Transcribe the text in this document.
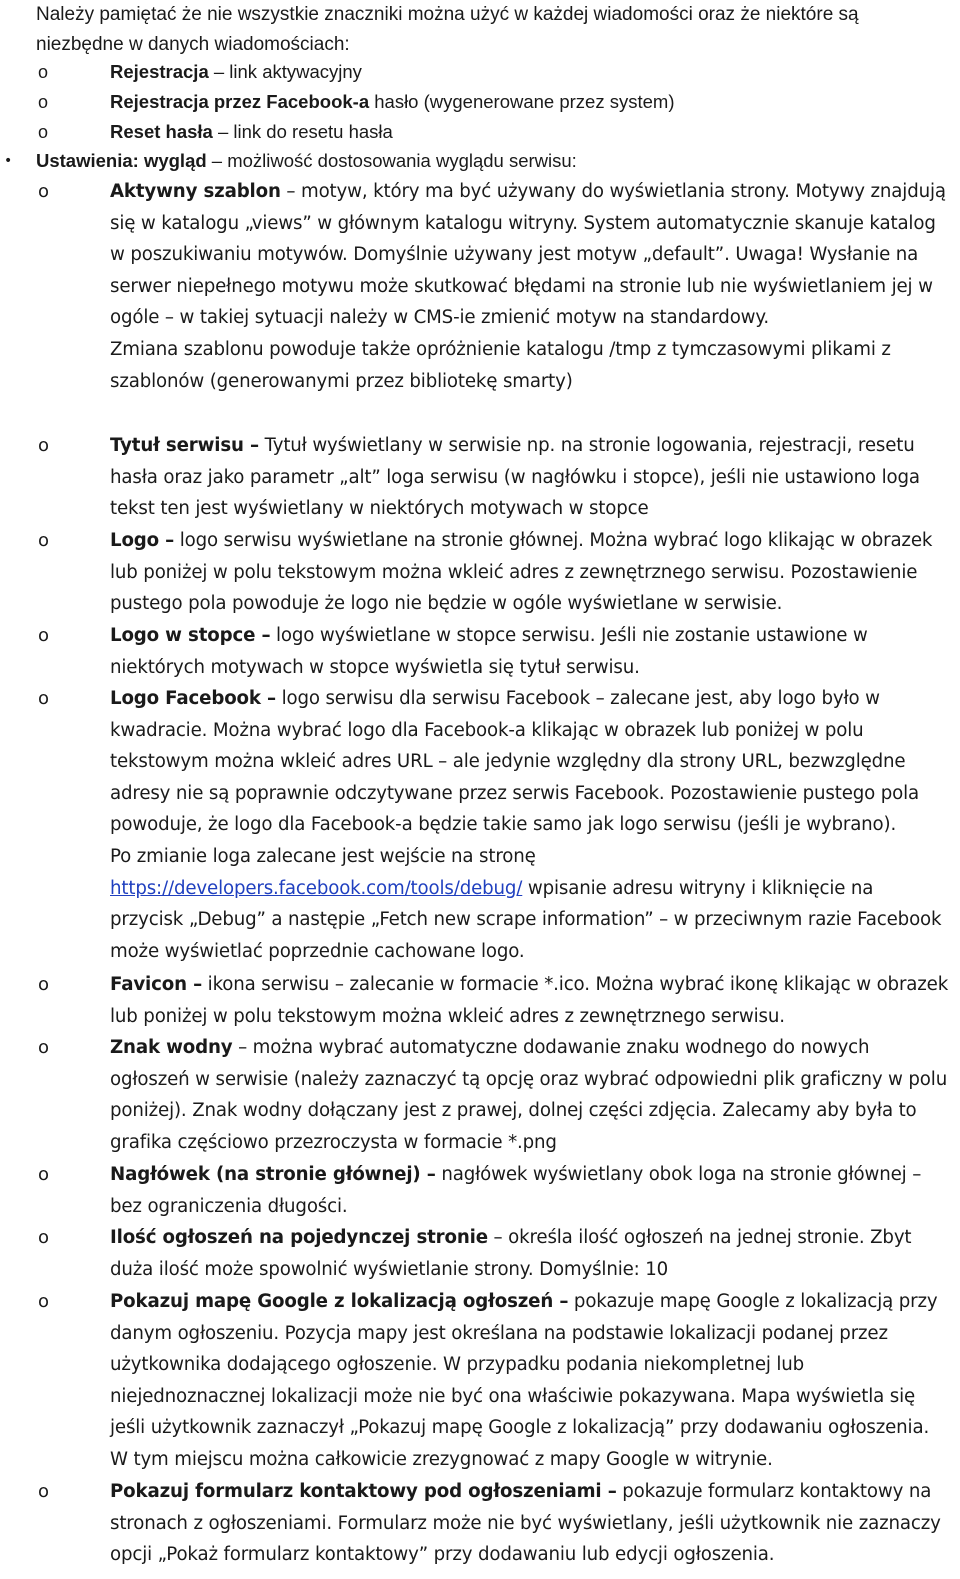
Należy pamiętać że nie wszystkie znaczniki można użyć w każdej wiadomości oraz że niektóre są niezbędne w danych wiadomościach:

o	Rejestracja – link aktywacyjny
o	Rejestracja przez Facebook-a hasło (wygenerowane przez system)
o	Reset hasła – link do resetu hasła
•	Ustawienia: wygląd – możliwość dostosowania wyglądu serwisu:
o	Aktywny szablon – motyw, który ma być używany do wyświetlania strony. Motywy znajdują się w katalogu „views” w głównym katalogu witryny. System automatycznie skanuje katalog w poszukiwaniu motywów. Domyślnie używany jest motyw „default”. Uwaga! Wysłanie na serwer niepełnego motywu może skutkować błędami na stronie lub nie wyświetlaniem jej w ogóle – w takiej sytuacji należy w CMS-ie zmienić motyw na standardowy.
Zmiana szablonu powoduje także opróżnienie katalogu /tmp z tymczasowymi plikami z szablonów (generowanymi przez bibliotekę smarty)
o	Tytuł serwisu – Tytuł wyświetlany w serwisie np. na stronie logowania, rejestracji, resetu hasła oraz jako parametr „alt” loga serwisu (w nagłówku i stopce), jeśli nie ustawiono loga tekst ten jest wyświetlany w niektórych motywach w stopce
o	Logo – logo serwisu wyświetlane na stronie głównej. Można wybrać logo klikając w obrazek lub poniżej w polu tekstowym można wkleić adres z zewnętrznego serwisu. Pozostawienie pustego pola powoduje że logo nie będzie w ogóle wyświetlane w serwisie.
o	Logo w stopce – logo wyświetlane w stopce serwisu. Jeśli nie zostanie ustawione w niektórych motywach w stopce wyświetla się tytuł serwisu.
o	Logo Facebook – logo serwisu dla serwisu Facebook – zalecane jest, aby logo było w kwadracie. Można wybrać logo dla Facebook-a klikając w obrazek lub poniżej w polu tekstowym można wkleić adres URL – ale jedynie względny dla strony URL, bezwzględne adresy nie są poprawnie odczytywane przez serwis Facebook. Pozostawienie pustego pola powoduje, że logo dla Facebook-a będzie takie samo jak logo serwisu (jeśli je wybrano).
Po zmianie loga zalecane jest wejście na stronę https://developers.facebook.com/tools/debug/ wpisanie adresu witryny i kliknięcie na przycisk „Debug” a następie „Fetch new scrape information” – w przeciwnym razie Facebook może wyświetlać poprzednie cachowane logo.
o	Favicon – ikona serwisu – zalecanie w formacie *.ico. Można wybrać ikonę klikając w obrazek lub poniżej w polu tekstowym można wkleić adres z zewnętrznego serwisu.
o	Znak wodny – można wybrać automatyczne dodawanie znaku wodnego do nowych ogłoszeń w serwisie (należy zaznaczyć tą opcję oraz wybrać odpowiedni plik graficzny w polu poniżej). Znak wodny dołączany jest z prawej, dolnej części zdjęcia. Zalecamy aby była to grafika częściowo przezroczysta w formacie *.png
o	Nagłówek (na stronie głównej) – nagłówek wyświetlany obok loga na stronie głównej – bez ograniczenia długości.
o	Ilość ogłoszeń na pojedynczej stronie – określa ilość ogłoszeń na jednej stronie. Zbyt duża ilość może spowolnić wyświetlanie strony. Domyślnie: 10
o	Pokazuj mapę Google z lokalizacją ogłoszeń – pokazuje mapę Google z lokalizacją przy danym ogłoszeniu. Pozycja mapy jest określana na podstawie lokalizacji podanej przez użytkownika dodającego ogłoszenie. W przypadku podania niekompletnej lub niejednoznacznej lokalizacji może nie być ona właściwie pokazywana. Mapa wyświetla się jeśli użytkownik zaznaczył „Pokazuj mapę Google z lokalizacją” przy dodawaniu ogłoszenia. W tym miejscu można całkowicie zrezygnować z mapy Google w witrynie.
o	Pokazuj formularz kontaktowy pod ogłoszeniami – pokazuje formularz kontaktowy na stronach z ogłoszeniami. Formularz może nie być wyświetlany, jeśli użytkownik nie zaznaczy opcji „Pokaż formularz kontaktowy” przy dodawaniu lub edycji ogłoszenia.
